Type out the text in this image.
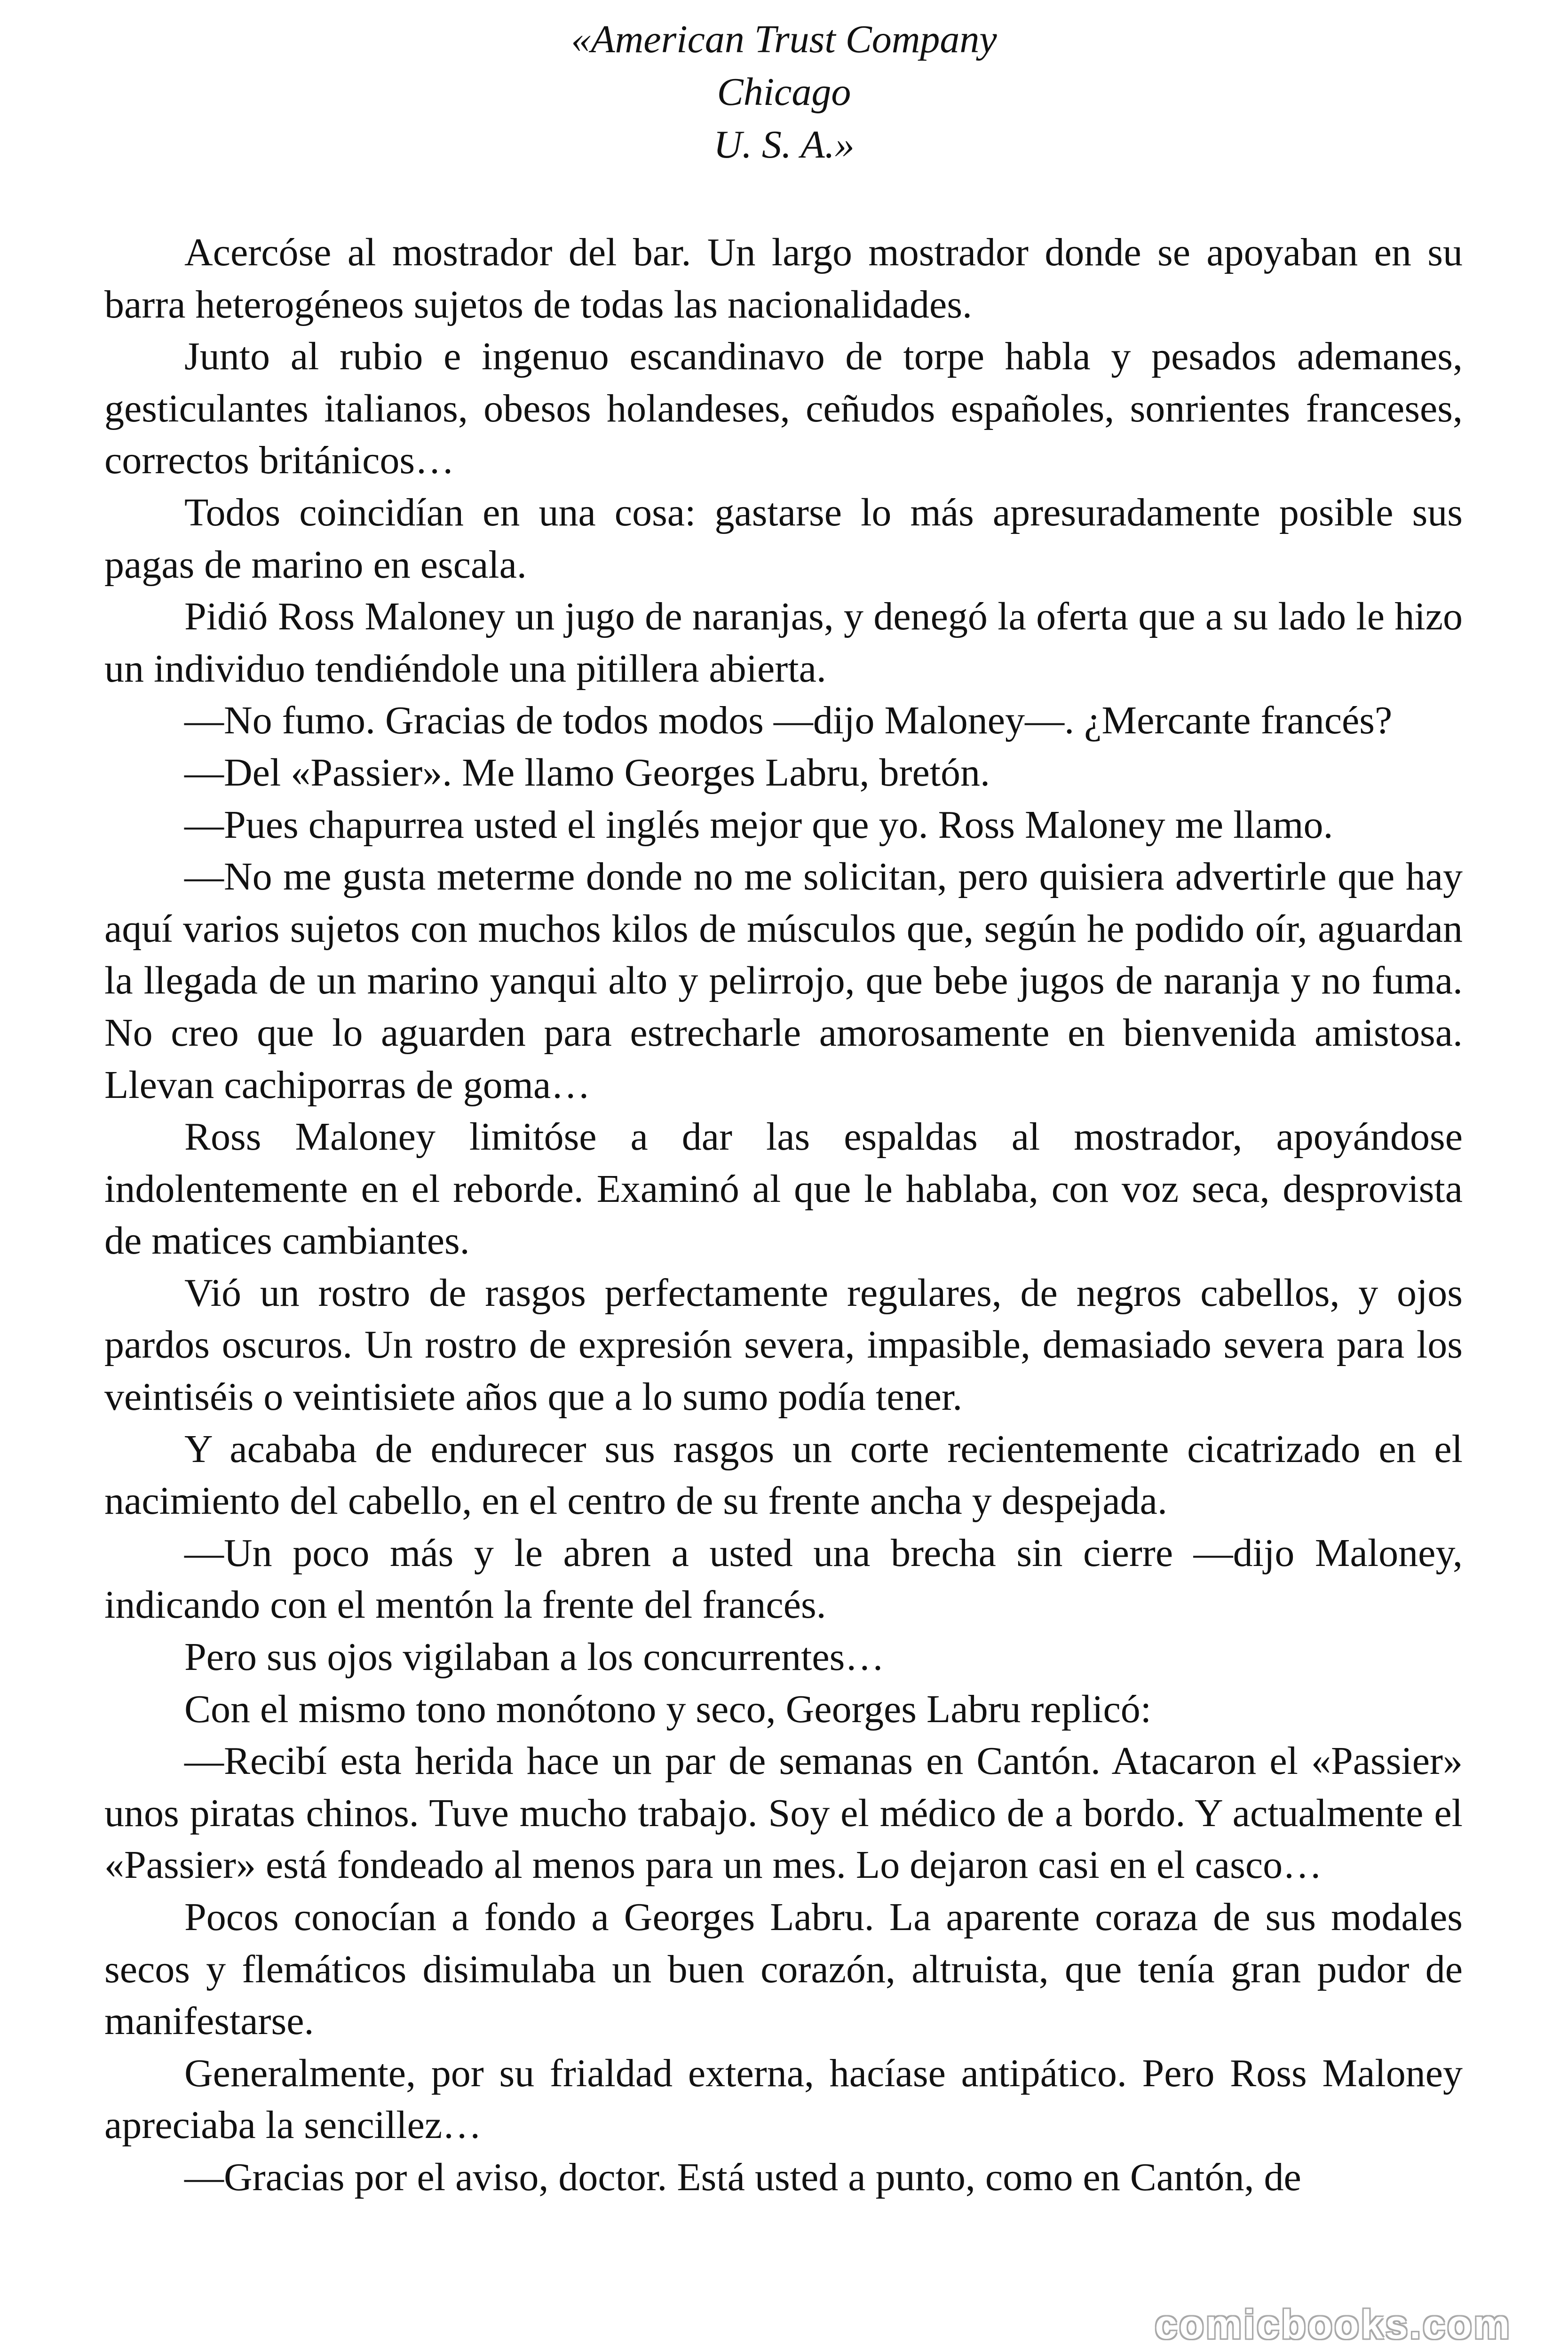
«American Trust Company
Chicago
U. S. A.»

Acercóse al mostrador del bar. Un largo mostrador donde se apoyaban en su barra heterogéneos sujetos de todas las nacionalidades.

Junto al rubio e ingenuo escandinavo de torpe habla y pesados ademanes, gesticulantes italianos, obesos holandeses, ceñudos españoles, sonrientes franceses, correctos británicos…

Todos coincidían en una cosa: gastarse lo más apresuradamente posible sus pagas de marino en escala.

Pidió Ross Maloney un jugo de naranjas, y denegó la oferta que a su lado le hizo un individuo tendiéndole una pitillera abierta.

—No fumo. Gracias de todos modos —dijo Maloney—. ¿Mercante francés?

—Del «Passier». Me llamo Georges Labru, bretón.

—Pues chapurrea usted el inglés mejor que yo. Ross Maloney me llamo.

—No me gusta meterme donde no me solicitan, pero quisiera advertirle que hay aquí varios sujetos con muchos kilos de músculos que, según he podido oír, aguardan la llegada de un marino yanqui alto y pelirrojo, que bebe jugos de naranja y no fuma. No creo que lo aguarden para estrecharle amorosamente en bienvenida amistosa. Llevan cachiporras de goma…

Ross Maloney limitóse a dar las espaldas al mostrador, apoyándose indolentemente en el reborde. Examinó al que le hablaba, con voz seca, desprovista de matices cambiantes.

Vió un rostro de rasgos perfectamente regulares, de negros cabellos, y ojos pardos oscuros. Un rostro de expresión severa, impasible, demasiado severa para los veintiséis o veintisiete años que a lo sumo podía tener.

Y acababa de endurecer sus rasgos un corte recientemente cicatrizado en el nacimiento del cabello, en el centro de su frente ancha y despejada.

—Un poco más y le abren a usted una brecha sin cierre —dijo Maloney, indicando con el mentón la frente del francés.

Pero sus ojos vigilaban a los concurrentes…

Con el mismo tono monótono y seco, Georges Labru replicó:

—Recibí esta herida hace un par de semanas en Cantón. Atacaron el «Passier» unos piratas chinos. Tuve mucho trabajo. Soy el médico de a bordo. Y actualmente el «Passier» está fondeado al menos para un mes. Lo dejaron casi en el casco…

Pocos conocían a fondo a Georges Labru. La aparente coraza de sus modales secos y flemáticos disimulaba un buen corazón, altruista, que tenía gran pudor de manifestarse.

Generalmente, por su frialdad externa, hacíase antipático. Pero Ross Maloney apreciaba la sencillez…

—Gracias por el aviso, doctor. Está usted a punto, como en Cantón, de

comicbooks.com
